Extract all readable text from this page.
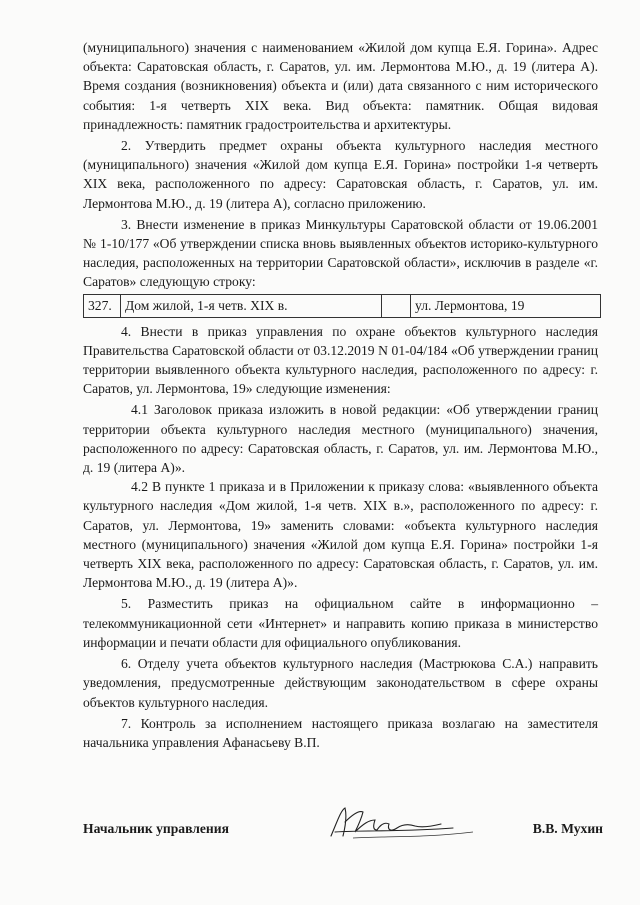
(муниципального) значения с наименованием «Жилой дом купца Е.Я. Горина». Адрес объекта: Саратовская область, г. Саратов, ул. им. Лермонтова М.Ю., д. 19 (литера А). Время создания (возникновения) объекта и (или) дата связанного с ним исторического события: 1-я четверть XIX века. Вид объекта: памятник. Общая видовая принадлежность: памятник градостроительства и архитектуры.

2. Утвердить предмет охраны объекта культурного наследия местного (муниципального) значения «Жилой дом купца Е.Я. Горина» постройки 1-я четверть XIX века, расположенного по адресу: Саратовская область, г. Саратов, ул. им. Лермонтова М.Ю., д. 19 (литера А), согласно приложению.

3. Внести изменение в приказ Минкультуры Саратовской области от 19.06.2001 № 1-10/177 «Об утверждении списка вновь выявленных объектов историко-культурного наследия, расположенных на территории Саратовской области», исключив в разделе «г. Саратов» следующую строку:

327.	Дом жилой, 1-я четв. XIX в.		ул. Лермонтова, 19

4. Внести в приказ управления по охране объектов культурного наследия Правительства Саратовской области от 03.12.2019 N 01-04/184 «Об утверждении границ территории выявленного объекта культурного наследия, расположенного по адресу: г. Саратов, ул. Лермонтова, 19» следующие изменения:

4.1 Заголовок приказа изложить в новой редакции: «Об утверждении границ территории объекта культурного наследия местного (муниципального) значения, расположенного по адресу: Саратовская область, г. Саратов, ул. им. Лермонтова М.Ю., д. 19 (литера А)».

4.2 В пункте 1 приказа и в Приложении к приказу слова: «выявленного объекта культурного наследия «Дом жилой, 1-я четв. XIX в.», расположенного по адресу: г. Саратов, ул. Лермонтова, 19» заменить словами: «объекта культурного наследия местного (муниципального) значения «Жилой дом купца Е.Я. Горина» постройки 1-я четверть XIX века, расположенного по адресу: Саратовская область, г. Саратов, ул. им. Лермонтова М.Ю., д. 19 (литера А)».

5. Разместить приказ на официальном сайте в информационно – телекоммуникационной сети «Интернет» и направить копию приказа в министерство информации и печати области для официального опубликования.

6. Отделу учета объектов культурного наследия (Мастрюкова С.А.) направить уведомления, предусмотренные действующим законодательством в сфере охраны объектов культурного наследия.

7. Контроль за исполнением настоящего приказа возлагаю на заместителя начальника управления Афанасьеву В.П.

Начальник управления	В.В. Мухин
